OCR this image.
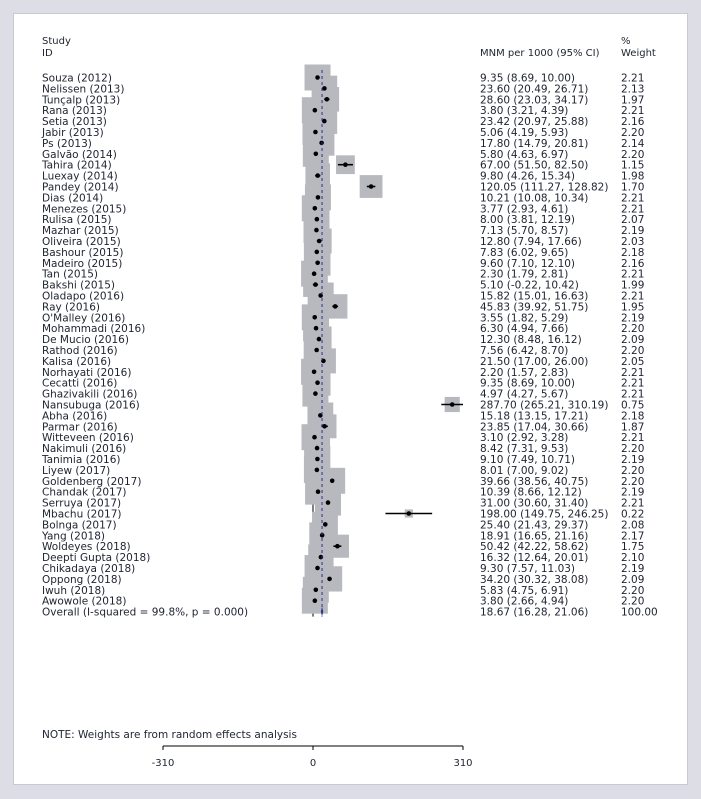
Study
ID	MNM per 1000 (95% CI)
%
Weight
Souza (2012)	9.35 (8.69, 10.00)	2.21
Nelissen (2013)	23.60 (20.49, 26.71)	2.13
Tunçalp (2013)	28.60 (23.03, 34.17)	1.97
Rana (2013)	3.80 (3.21, 4.39)	2.21
Setia (2013)	23.42 (20.97, 25.88)	2.16
Jabir (2013)	5.06 (4.19, 5.93)	2.20
Ps (2013)	17.80 (14.79, 20.81)	2.14
Galvão (2014)	5.80 (4.63, 6.97)	2.20
Tahira (2014)	67.00 (51.50, 82.50)	1.15
Luexay (2014)	9.80 (4.26, 15.34)	1.98
Pandey (2014)	120.05 (111.27, 128.82) 1.70
Dias (2014)	10.21 (10.08, 10.34)	2.21
Menezes (2015)	3.77 (2.93, 4.61)	2.21
Rulisa (2015)	8.00 (3.81, 12.19)	2.07
Mazhar (2015)	7.13 (5.70, 8.57)	2.19
Oliveira (2015)	12.80 (7.94, 17.66)	2.03
Bashour (2015)	7.83 (6.02, 9.65)	2.18
Madeiro (2015)	9.60 (7.10, 12.10)	2.16
Tan (2015)	2.30 (1.79, 2.81)	2.21
Bakshi (2015)	5.10 (-0.22, 10.42)	1.99
Oladapo (2016)	15.82 (15.01, 16.63)	2.21
Ray (2016)	45.83 (39.92, 51.75)	1.95
O'Malley (2016)	3.55 (1.82, 5.29)	2.19
Mohammadi (2016)	6.30 (4.94, 7.66)	2.20
De Mucio (2016)	12.30 (8.48, 16.12)	2.09
Rathod (2016)	7.56 (6.42, 8.70)	2.20
Kalisa (2016)	21.50 (17.00, 26.00)	2.05
Norhayati (2016)	2.20 (1.57, 2.83)	2.21
Cecatti (2016)	9.35 (8.69, 10.00)	2.21
Ghazivakili (2016)	4.97 (4.27, 5.67)	2.21
Nansubuga (2016)	287.70 (265.21, 310.19) 0.75
Abha (2016)	15.18 (13.15, 17.21)	2.18
Parmar (2016)	23.85 (17.04, 30.66)	1.87
Witteveen (2016)	3.10 (2.92, 3.28)	2.21
Nakimuli (2016)	8.42 (7.31, 9.53)	2.20
Tanimia (2016)	9.10 (7.49, 10.71)	2.19
Liyew (2017)	8.01 (7.00, 9.02)	2.20
Goldenberg (2017)	39.66 (38.56, 40.75)	2.20
Chandak (2017)	10.39 (8.66, 12.12)	2.19
Serruya (2017)	31.00 (30.60, 31.40)	2.21
Mbachu (2017)	198.00 (149.75, 246.25) 0.22
Bolnga (2017)	25.40 (21.43, 29.37)	2.08
Yang (2018)	18.91 (16.65, 21.16)	2.17
Woldeyes (2018)	50.42 (42.22, 58.62)	1.75
Deepti Gupta (2018)	16.32 (12.64, 20.01)	2.10
Chikadaya (2018)	9.30 (7.57, 11.03)	2.19
Oppong (2018)	34.20 (30.32, 38.08)	2.09
Iwuh (2018)	5.83 (4.75, 6.91)	2.20
Awowole (2018)	3.80 (2.66, 4.94)	2.20
Overall (I-squared = 99.8%, p = 0.000)	18.67 (16.28, 21.06)	100.00
-310	0	310
NOTE: Weights are from random effects analysis
